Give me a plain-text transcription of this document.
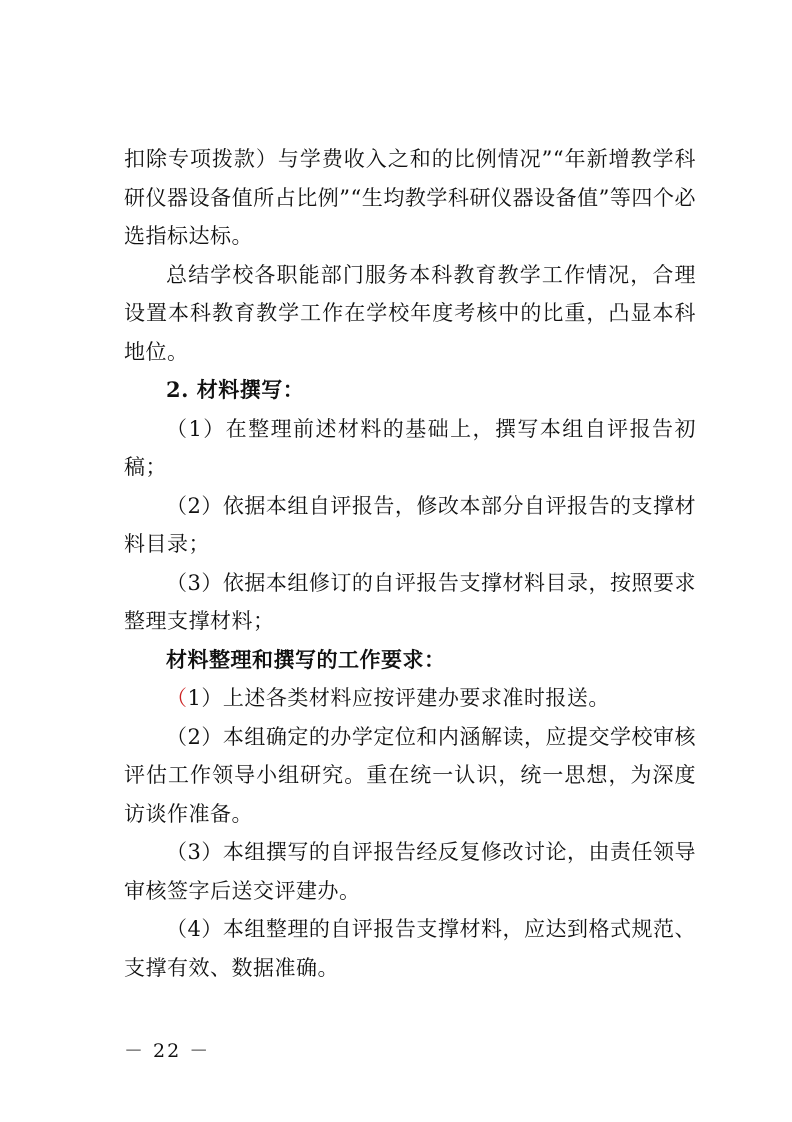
扣除专项拨款）与学费收入之和的比例情况”“年新增教学科研仪器设备值所占比例”“生均教学科研仪器设备值”等四个必选指标达标。

总结学校各职能部门服务本科教育教学工作情况，合理设置本科教育教学工作在学校年度考核中的比重，凸显本科地位。

2. 材料撰写：

（1）在整理前述材料的基础上，撰写本组自评报告初稿；

（2）依据本组自评报告，修改本部分自评报告的支撑材料目录；

（3）依据本组修订的自评报告支撑材料目录，按照要求整理支撑材料；

材料整理和撰写的工作要求：

（1）上述各类材料应按评建办要求准时报送。

（2）本组确定的办学定位和内涵解读，应提交学校审核评估工作领导小组研究。重在统一认识，统一思想，为深度访谈作准备。

（3）本组撰写的自评报告经反复修改讨论，由责任领导审核签字后送交评建办。

（4）本组整理的自评报告支撑材料，应达到格式规范、支撑有效、数据准确。

－ 22 －
